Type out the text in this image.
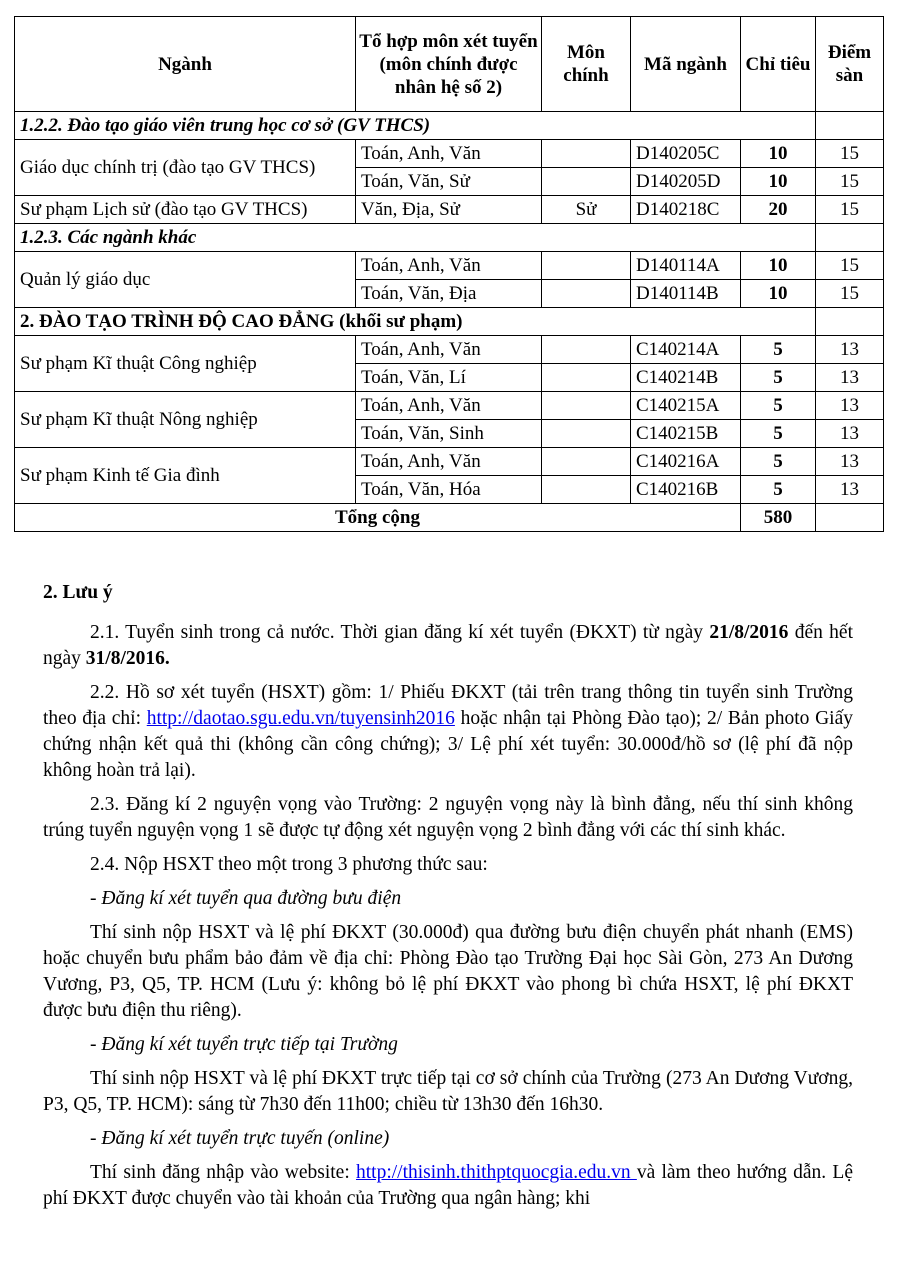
Ngành	Tổ hợp môn xét tuyển (môn chính được nhân hệ số 2)	Môn chính	Mã ngành	Chỉ tiêu	Điểm sàn
1.2.2. Đào tạo giáo viên trung học cơ sở (GV THCS)					
Giáo dục chính trị (đào tạo GV THCS)	Toán, Anh, Văn		D140205C	10	15
	Toán, Văn, Sử		D140205D	10	15
Sư phạm Lịch sử (đào tạo GV THCS)	Văn, Địa, Sử	Sử	D140218C	20	15
1.2.3. Các ngành khác					
Quản lý giáo dục	Toán, Anh, Văn		D140114A	10	15
	Toán, Văn, Địa		D140114B	10	15
2. ĐÀO TẠO TRÌNH ĐỘ CAO ĐẲNG (khối sư phạm)					
Sư phạm Kĩ thuật Công nghiệp	Toán, Anh, Văn		C140214A	5	13
	Toán, Văn, Lí		C140214B	5	13
Sư phạm Kĩ thuật Nông nghiệp	Toán, Anh, Văn		C140215A	5	13
	Toán, Văn, Sinh		C140215B	5	13
Sư phạm Kinh tế Gia đình	Toán, Anh, Văn		C140216A	5	13
	Toán, Văn, Hóa		C140216B	5	13
Tổng cộng				580	

2. Lưu ý

2.1. Tuyển sinh trong cả nước. Thời gian đăng kí xét tuyển (ĐKXT) từ ngày 21/8/2016 đến hết ngày 31/8/2016.

2.2. Hồ sơ xét tuyển (HSXT) gồm: 1/ Phiếu ĐKXT (tải trên trang thông tin tuyển sinh Trường theo địa chỉ: http://daotao.sgu.edu.vn/tuyensinh2016 hoặc nhận tại Phòng Đào tạo); 2/ Bản photo Giấy chứng nhận kết quả thi (không cần công chứng); 3/ Lệ phí xét tuyển: 30.000đ/hồ sơ (lệ phí đã nộp không hoàn trả lại).

2.3. Đăng kí 2 nguyện vọng vào Trường: 2 nguyện vọng này là bình đẳng, nếu thí sinh không trúng tuyển nguyện vọng 1 sẽ được tự động xét nguyện vọng 2 bình đẳng với các thí sinh khác.

2.4. Nộp HSXT theo một trong 3 phương thức sau:

- Đăng kí xét tuyển qua đường bưu điện

Thí sinh nộp HSXT và lệ phí ĐKXT (30.000đ) qua đường bưu điện chuyển phát nhanh (EMS) hoặc chuyển bưu phẩm bảo đảm về địa chỉ: Phòng Đào tạo Trường Đại học Sài Gòn, 273 An Dương Vương, P3, Q5, TP. HCM (Lưu ý: không bỏ lệ phí ĐKXT vào phong bì chứa HSXT, lệ phí ĐKXT được bưu điện thu riêng).

- Đăng kí xét tuyển trực tiếp tại Trường

Thí sinh nộp HSXT và lệ phí ĐKXT trực tiếp tại cơ sở chính của Trường (273 An Dương Vương, P3, Q5, TP. HCM): sáng từ 7h30 đến 11h00; chiều từ 13h30 đến 16h30.

- Đăng kí xét tuyển trực tuyến (online)

Thí sinh đăng nhập vào website: http://thisinh.thithptquocgia.edu.vn và làm theo hướng dẫn. Lệ phí ĐKXT được chuyển vào tài khoản của Trường qua ngân hàng; khi
